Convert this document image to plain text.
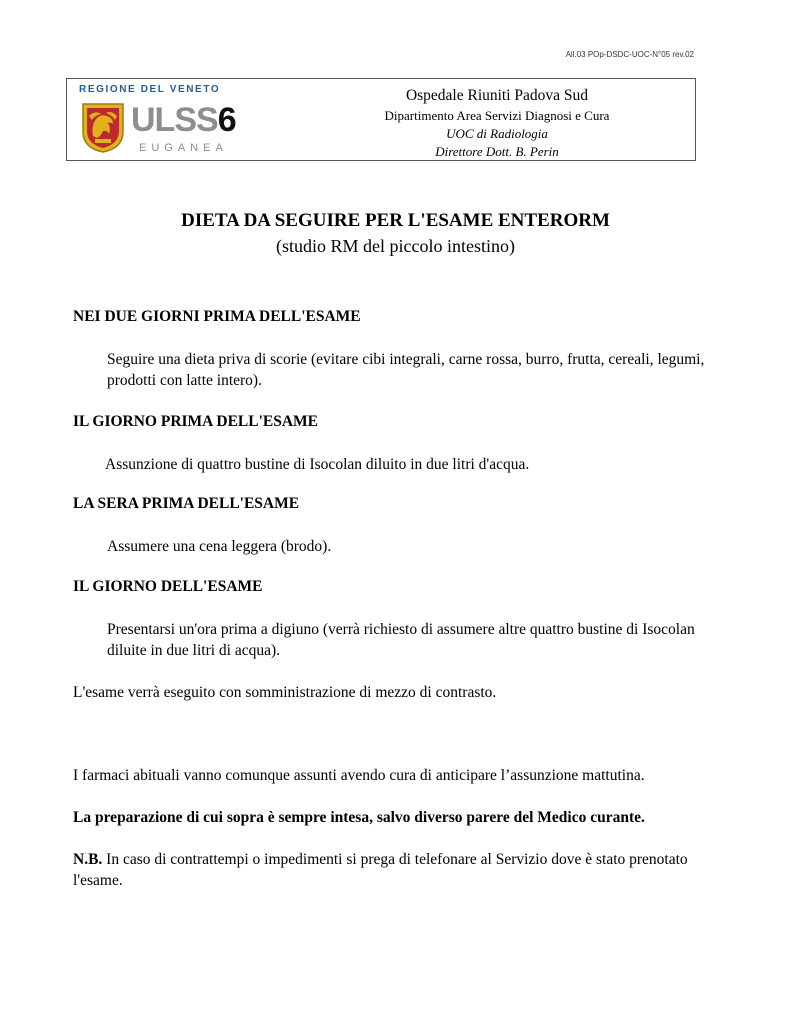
All.03 POp-DSDC-UOC-N°05 rev.02
REGIONE DEL VENETO
ULSS6
EUGANEA
Ospedale Riuniti Padova Sud
Dipartimento Area Servizi Diagnosi e Cura
UOC di Radiologia
Direttore Dott. B. Perin
DIETA DA SEGUIRE PER L'ESAME ENTERORM
(studio RM del piccolo intestino)
NEI DUE GIORNI PRIMA DELL'ESAME
Seguire una dieta priva di scorie (evitare cibi integrali, carne rossa, burro, frutta, cereali, legumi, prodotti con latte intero).
IL GIORNO PRIMA DELL'ESAME
Assunzione di quattro bustine di Isocolan diluito in due litri d'acqua.
LA SERA PRIMA DELL'ESAME
Assumere una cena leggera (brodo).
IL GIORNO DELL'ESAME
Presentarsi un'ora prima a digiuno (verrà richiesto di assumere altre quattro bustine di Isocolan diluite in due litri di acqua).
L'esame verrà eseguito con somministrazione di mezzo di contrasto.
I farmaci abituali vanno comunque assunti avendo cura di anticipare l’assunzione mattutina.
La preparazione di cui sopra è sempre intesa, salvo diverso parere del Medico curante.
N.B. In caso di contrattempi o impedimenti si prega di telefonare al Servizio dove è stato prenotato l'esame.
